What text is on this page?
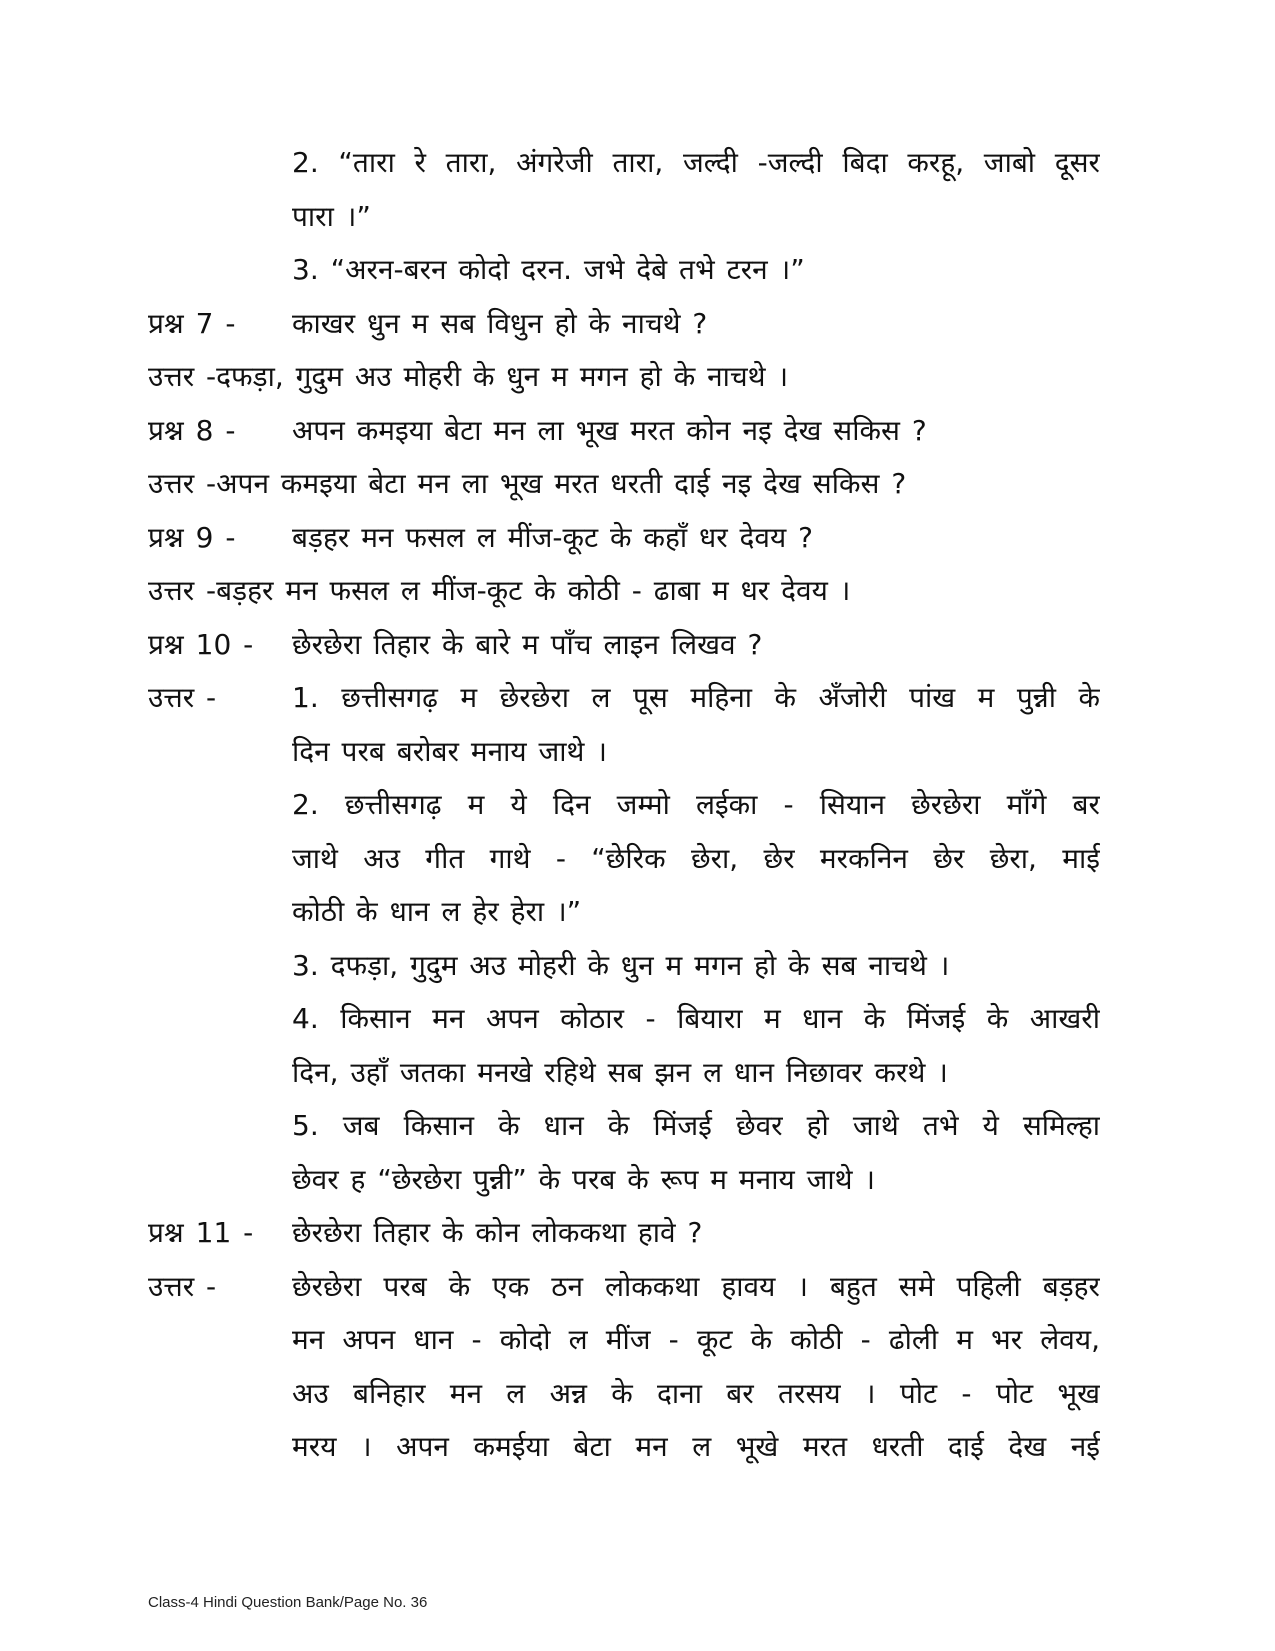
2. “तारा रे तारा, अंगरेजी तारा, जल्दी -जल्दी बिदा करहू, जाबो दूसर
पारा ।”
3. “अरन-बरन कोदो दरन. जभे देबे तभे टरन ।”
प्रश्न 7 - काखर धुन म सब विधुन हो के नाचथे ?
उत्तर -दफड़ा, गुदुम अउ मोहरी के धुन म मगन हो के नाचथे ।
प्रश्न 8 - अपन कमइया बेटा मन ला भूख मरत कोन नइ देख सकिस ?
उत्तर -अपन कमइया बेटा मन ला भूख मरत धरती दाई नइ देख सकिस ?
प्रश्न 9 - बड़हर मन फसल ल मींज-कूट के कहाँ धर देवय ?
उत्तर -बड़हर मन फसल ल मींज-कूट के कोठी - ढाबा म धर देवय ।
प्रश्न 10 - छेरछेरा तिहार के बारे म पाँच लाइन लिखव ?
उत्तर -	1. छत्तीसगढ़ म छेरछेरा ल पूस महिना के अँजोरी पांख म पुन्नी के
दिन परब बरोबर मनाय जाथे ।
2. छत्तीसगढ़ म ये दिन जम्मो लईका - सियान छेरछेरा माँगे बर
जाथे अउ गीत गाथे - “छेरिक छेरा, छेर मरकनिन छेर छेरा, माई
कोठी के धान ल हेर हेरा ।”
3. दफड़ा, गुदुम अउ मोहरी के धुन म मगन हो के सब नाचथे ।
4. किसान मन अपन कोठार - बियारा म धान के मिंजई के आखरी
दिन, उहाँ जतका मनखे रहिथे सब झन ल धान निछावर करथे ।
5. जब किसान के धान के मिंजई छेवर हो जाथे तभे ये समिल्हा
छेवर ह “छेरछेरा पुन्नी” के परब के रूप म मनाय जाथे ।
प्रश्न 11 - छेरछेरा तिहार के कोन लोककथा हावे ?
उत्तर -	छेरछेरा परब के एक ठन लोककथा हावय । बहुत समे पहिली बड़हर
मन अपन धान - कोदो ल मींज - कूट के कोठी - ढोली म भर लेवय,
अउ बनिहार मन ल अन्न के दाना बर तरसय । पोट - पोट भूख
मरय । अपन कमईया बेटा मन ल भूखे मरत धरती दाई देख नई
Class-4 Hindi Question Bank/Page No. 36
